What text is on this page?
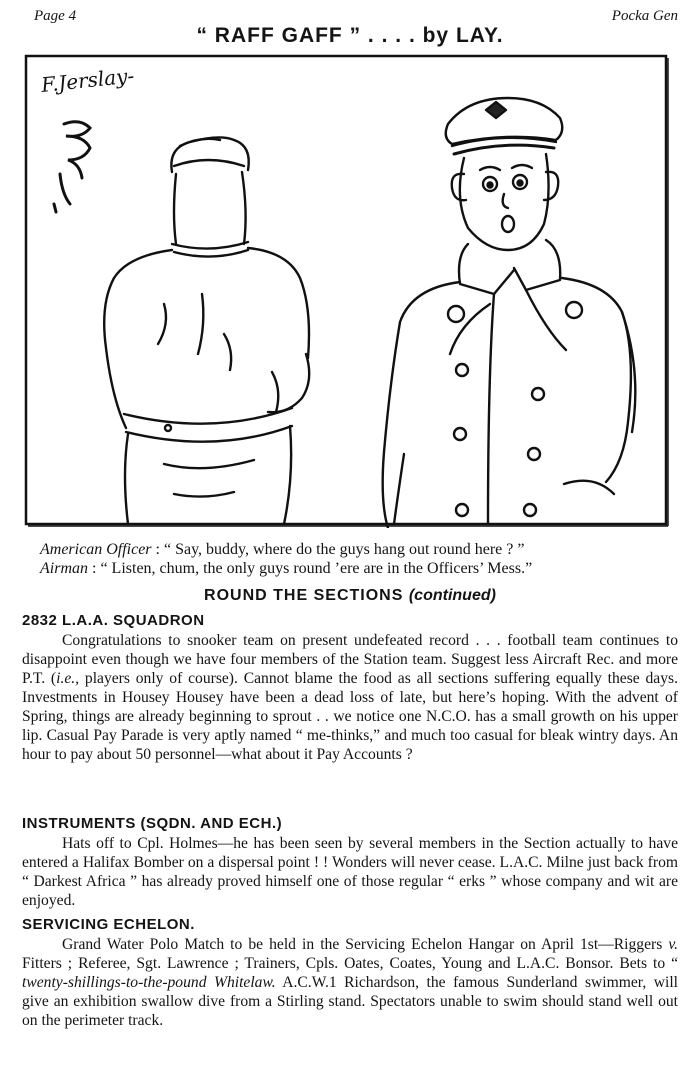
Page 4	Pocka Gen
“ RAFF GAFF ” . . . . by LAY.
F.Jerslay-
American Officer : “ Say, buddy, where do the guys hang out round here ? ”
Airman : “ Listen, chum, the only guys round ’ere are in the Officers’ Mess.”
ROUND THE SECTIONS (continued)
2832 L.A.A. SQUADRON
Congratulations to snooker team on present undefeated record . . . football team continues to disappoint even though we have four members of the Station team. Suggest less Aircraft Rec. and more P.T. (i.e., players only of course). Cannot blame the food as all sections suffering equally these days. Investments in Housey Housey have been a dead loss of late, but here’s hoping. With the advent of Spring, things are already beginning to sprout . . we notice one N.C.O. has a small growth on his upper lip. Casual Pay Parade is very aptly named “ me-thinks,” and much too casual for bleak wintry days. An hour to pay about 50 personnel—what about it Pay Accounts ?
INSTRUMENTS (SQDN. AND ECH.)
Hats off to Cpl. Holmes—he has been seen by several members in the Section actually to have entered a Halifax Bomber on a dispersal point ! ! Wonders will never cease. L.A.C. Milne just back from “ Darkest Africa ” has already proved himself one of those regular “ erks ” whose company and wit are enjoyed.
SERVICING ECHELON.
Grand Water Polo Match to be held in the Servicing Echelon Hangar on April 1st—Riggers v. Fitters ; Referee, Sgt. Lawrence ; Trainers, Cpls. Oates, Coates, Young and L.A.C. Bonsor. Bets to “ twenty-shillings-to-the-pound Whitelaw. A.C.W.1 Richardson, the famous Sunderland swimmer, will give an exhibition swallow dive from a Stirling stand. Spectators unable to swim should stand well out on the perimeter track.
